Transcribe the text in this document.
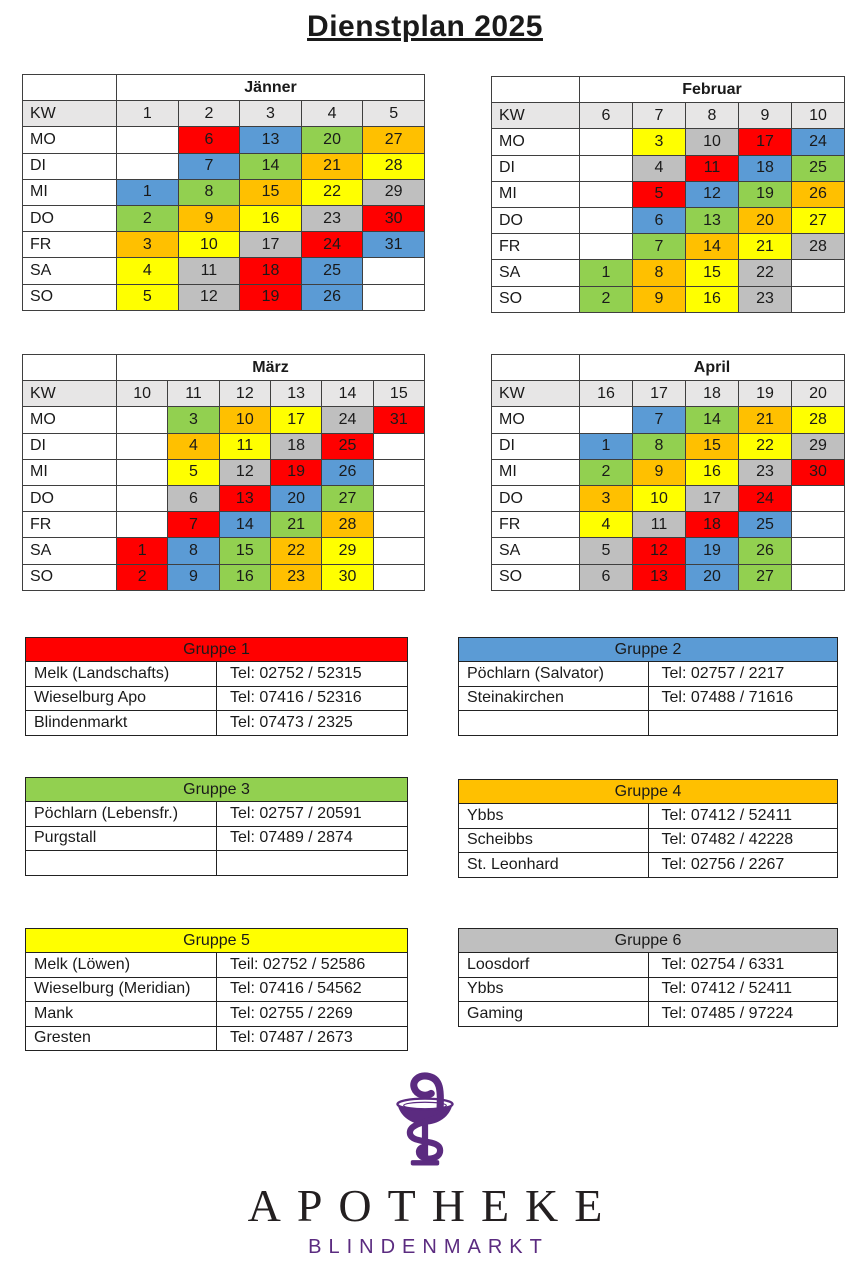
Dienstplan 2025
	Jänner				
KW	1	2	3	4	5
MO		6	13	20	27
DI		7	14	21	28
MI	1	8	15	22	29
DO	2	9	16	23	30
FR	3	10	17	24	31
SA	4	11	18	25	
SO	5	12	19	26	
	Februar				
KW	6	7	8	9	10
MO		3	10	17	24
DI		4	11	18	25
MI		5	12	19	26
DO		6	13	20	27
FR		7	14	21	28
SA	1	8	15	22	
SO	2	9	16	23	
	März					
KW	10	11	12	13	14	15
MO		3	10	17	24	31
DI		4	11	18	25	
MI		5	12	19	26	
DO		6	13	20	27	
FR		7	14	21	28	
SA	1	8	15	22	29	
SO	2	9	16	23	30	
	April				
KW	16	17	18	19	20
MO		7	14	21	28
DI	1	8	15	22	29
MI	2	9	16	23	30
DO	3	10	17	24	
FR	4	11	18	25	
SA	5	12	19	26	
SO	6	13	20	27	
Gruppe 1	
Melk (Landschafts)	Tel: 02752 / 52315
Wieselburg Apo	Tel: 07416 / 52316
Blindenmarkt	Tel: 07473 / 2325
Gruppe 2	
Pöchlarn (Salvator)	Tel: 02757 / 2217
Steinakirchen	Tel: 07488 / 71616

Gruppe 3	
Pöchlarn (Lebensfr.)	Tel: 02757 / 20591
Purgstall	Tel: 07489 / 2874

Gruppe 4	
Ybbs	Tel: 07412 / 52411
Scheibbs	Tel: 07482 / 42228
St. Leonhard	Tel: 02756 / 2267
Gruppe 5	
Melk (Löwen)	Teil: 02752 / 52586
Wieselburg (Meridian)	Tel: 07416 / 54562
Mank	Tel: 02755 / 2269
Gresten	Tel: 07487 / 2673
Gruppe 6	
Loosdorf	Tel: 02754 / 6331
Ybbs	Tel: 07412 / 52411
Gaming	Tel: 07485 / 97224
APOTHEKE
BLINDENMARKT
